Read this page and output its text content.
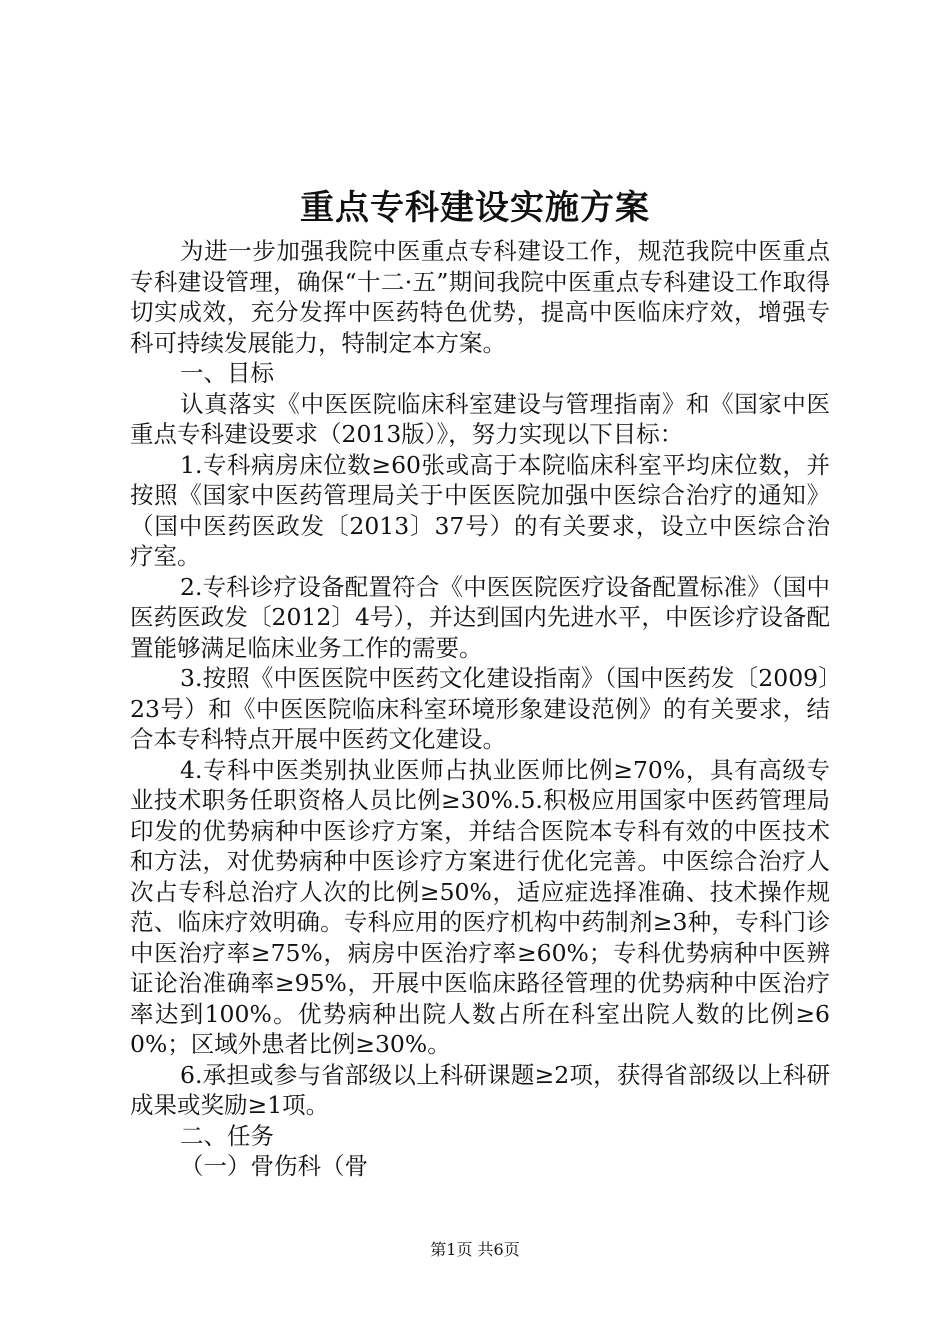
重点专科建设实施方案

为进一步加强我院中医重点专科建设工作，规范我院中医重点专科建设管理，确保“十二·五”期间我院中医重点专科建设工作取得切实成效，充分发挥中医药特色优势，提高中医临床疗效，增强专科可持续发展能力，特制定本方案。

一、目标

认真落实《中医医院临床科室建设与管理指南》和《国家中医重点专科建设要求（2013版）》，努力实现以下目标：

1.专科病房床位数≥60张或高于本院临床科室平均床位数，并按照《国家中医药管理局关于中医医院加强中医综合治疗的通知》（国中医药医政发〔2013〕37号）的有关要求，设立中医综合治疗室。

2.专科诊疗设备配置符合《中医医院医疗设备配置标准》（国中医药医政发〔2012〕4号），并达到国内先进水平，中医诊疗设备配置能够满足临床业务工作的需要。

3.按照《中医医院中医药文化建设指南》（国中医药发〔2009〕23号）和《中医医院临床科室环境形象建设范例》的有关要求，结合本专科特点开展中医药文化建设。

4.专科中医类别执业医师占执业医师比例≥70%，具有高级专业技术职务任职资格人员比例≥30%.5.积极应用国家中医药管理局印发的优势病种中医诊疗方案，并结合医院本专科有效的中医技术和方法，对优势病种中医诊疗方案进行优化完善。中医综合治疗人次占专科总治疗人次的比例≥50%，适应症选择准确、技术操作规范、临床疗效明确。专科应用的医疗机构中药制剂≥3种，专科门诊中医治疗率≥75%，病房中医治疗率≥60%；专科优势病种中医辨证论治准确率≥95%，开展中医临床路径管理的优势病种中医治疗率达到100%。优势病种出院人数占所在科室出院人数的比例≥60%；区域外患者比例≥30%。

6.承担或参与省部级以上科研课题≥2项，获得省部级以上科研成果或奖励≥1项。

二、任务

（一）骨伤科（骨

第1页 共6页
